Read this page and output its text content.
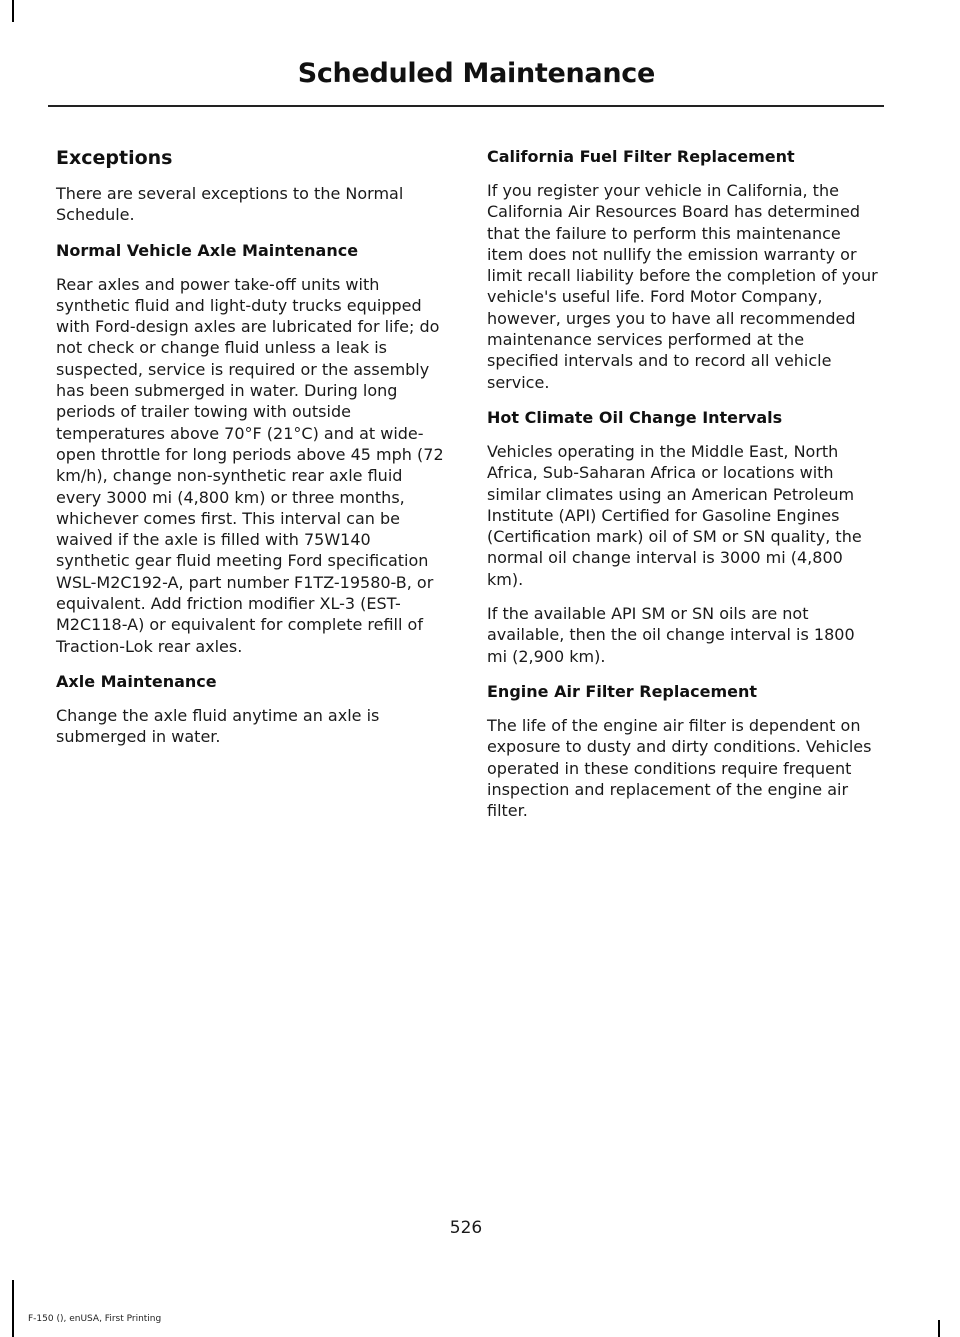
Scheduled Maintenance
Exceptions

There are several exceptions to the Normal Schedule.

Normal Vehicle Axle Maintenance

Rear axles and power take-off units with synthetic fluid and light-duty trucks equipped with Ford-design axles are lubricated for life; do not check or change fluid unless a leak is suspected, service is required or the assembly has been submerged in water. During long periods of trailer towing with outside temperatures above 70°F (21°C) and at wide-open throttle for long periods above 45 mph (72 km/h), change non-synthetic rear axle fluid every 3000 mi (4,800 km) or three months, whichever comes first. This interval can be waived if the axle is filled with 75W140 synthetic gear fluid meeting Ford specification WSL-M2C192-A, part number F1TZ-19580-B, or equivalent. Add friction modifier XL-3 (EST-M2C118-A) or equivalent for complete refill of Traction-Lok rear axles.

Axle Maintenance

Change the axle fluid anytime an axle is submerged in water.

California Fuel Filter Replacement

If you register your vehicle in California, the California Air Resources Board has determined that the failure to perform this maintenance item does not nullify the emission warranty or limit recall liability before the completion of your vehicle's useful life. Ford Motor Company, however, urges you to have all recommended maintenance services performed at the specified intervals and to record all vehicle service.

Hot Climate Oil Change Intervals

Vehicles operating in the Middle East, North Africa, Sub-Saharan Africa or locations with similar climates using an American Petroleum Institute (API) Certified for Gasoline Engines (Certification mark) oil of SM or SN quality, the normal oil change interval is 3000 mi (4,800 km).

If the available API SM or SN oils are not available, then the oil change interval is 1800 mi (2,900 km).

Engine Air Filter Replacement

The life of the engine air filter is dependent on exposure to dusty and dirty conditions. Vehicles operated in these conditions require frequent inspection and replacement of the engine air filter.

526
F-150 (), enUSA, First Printing
